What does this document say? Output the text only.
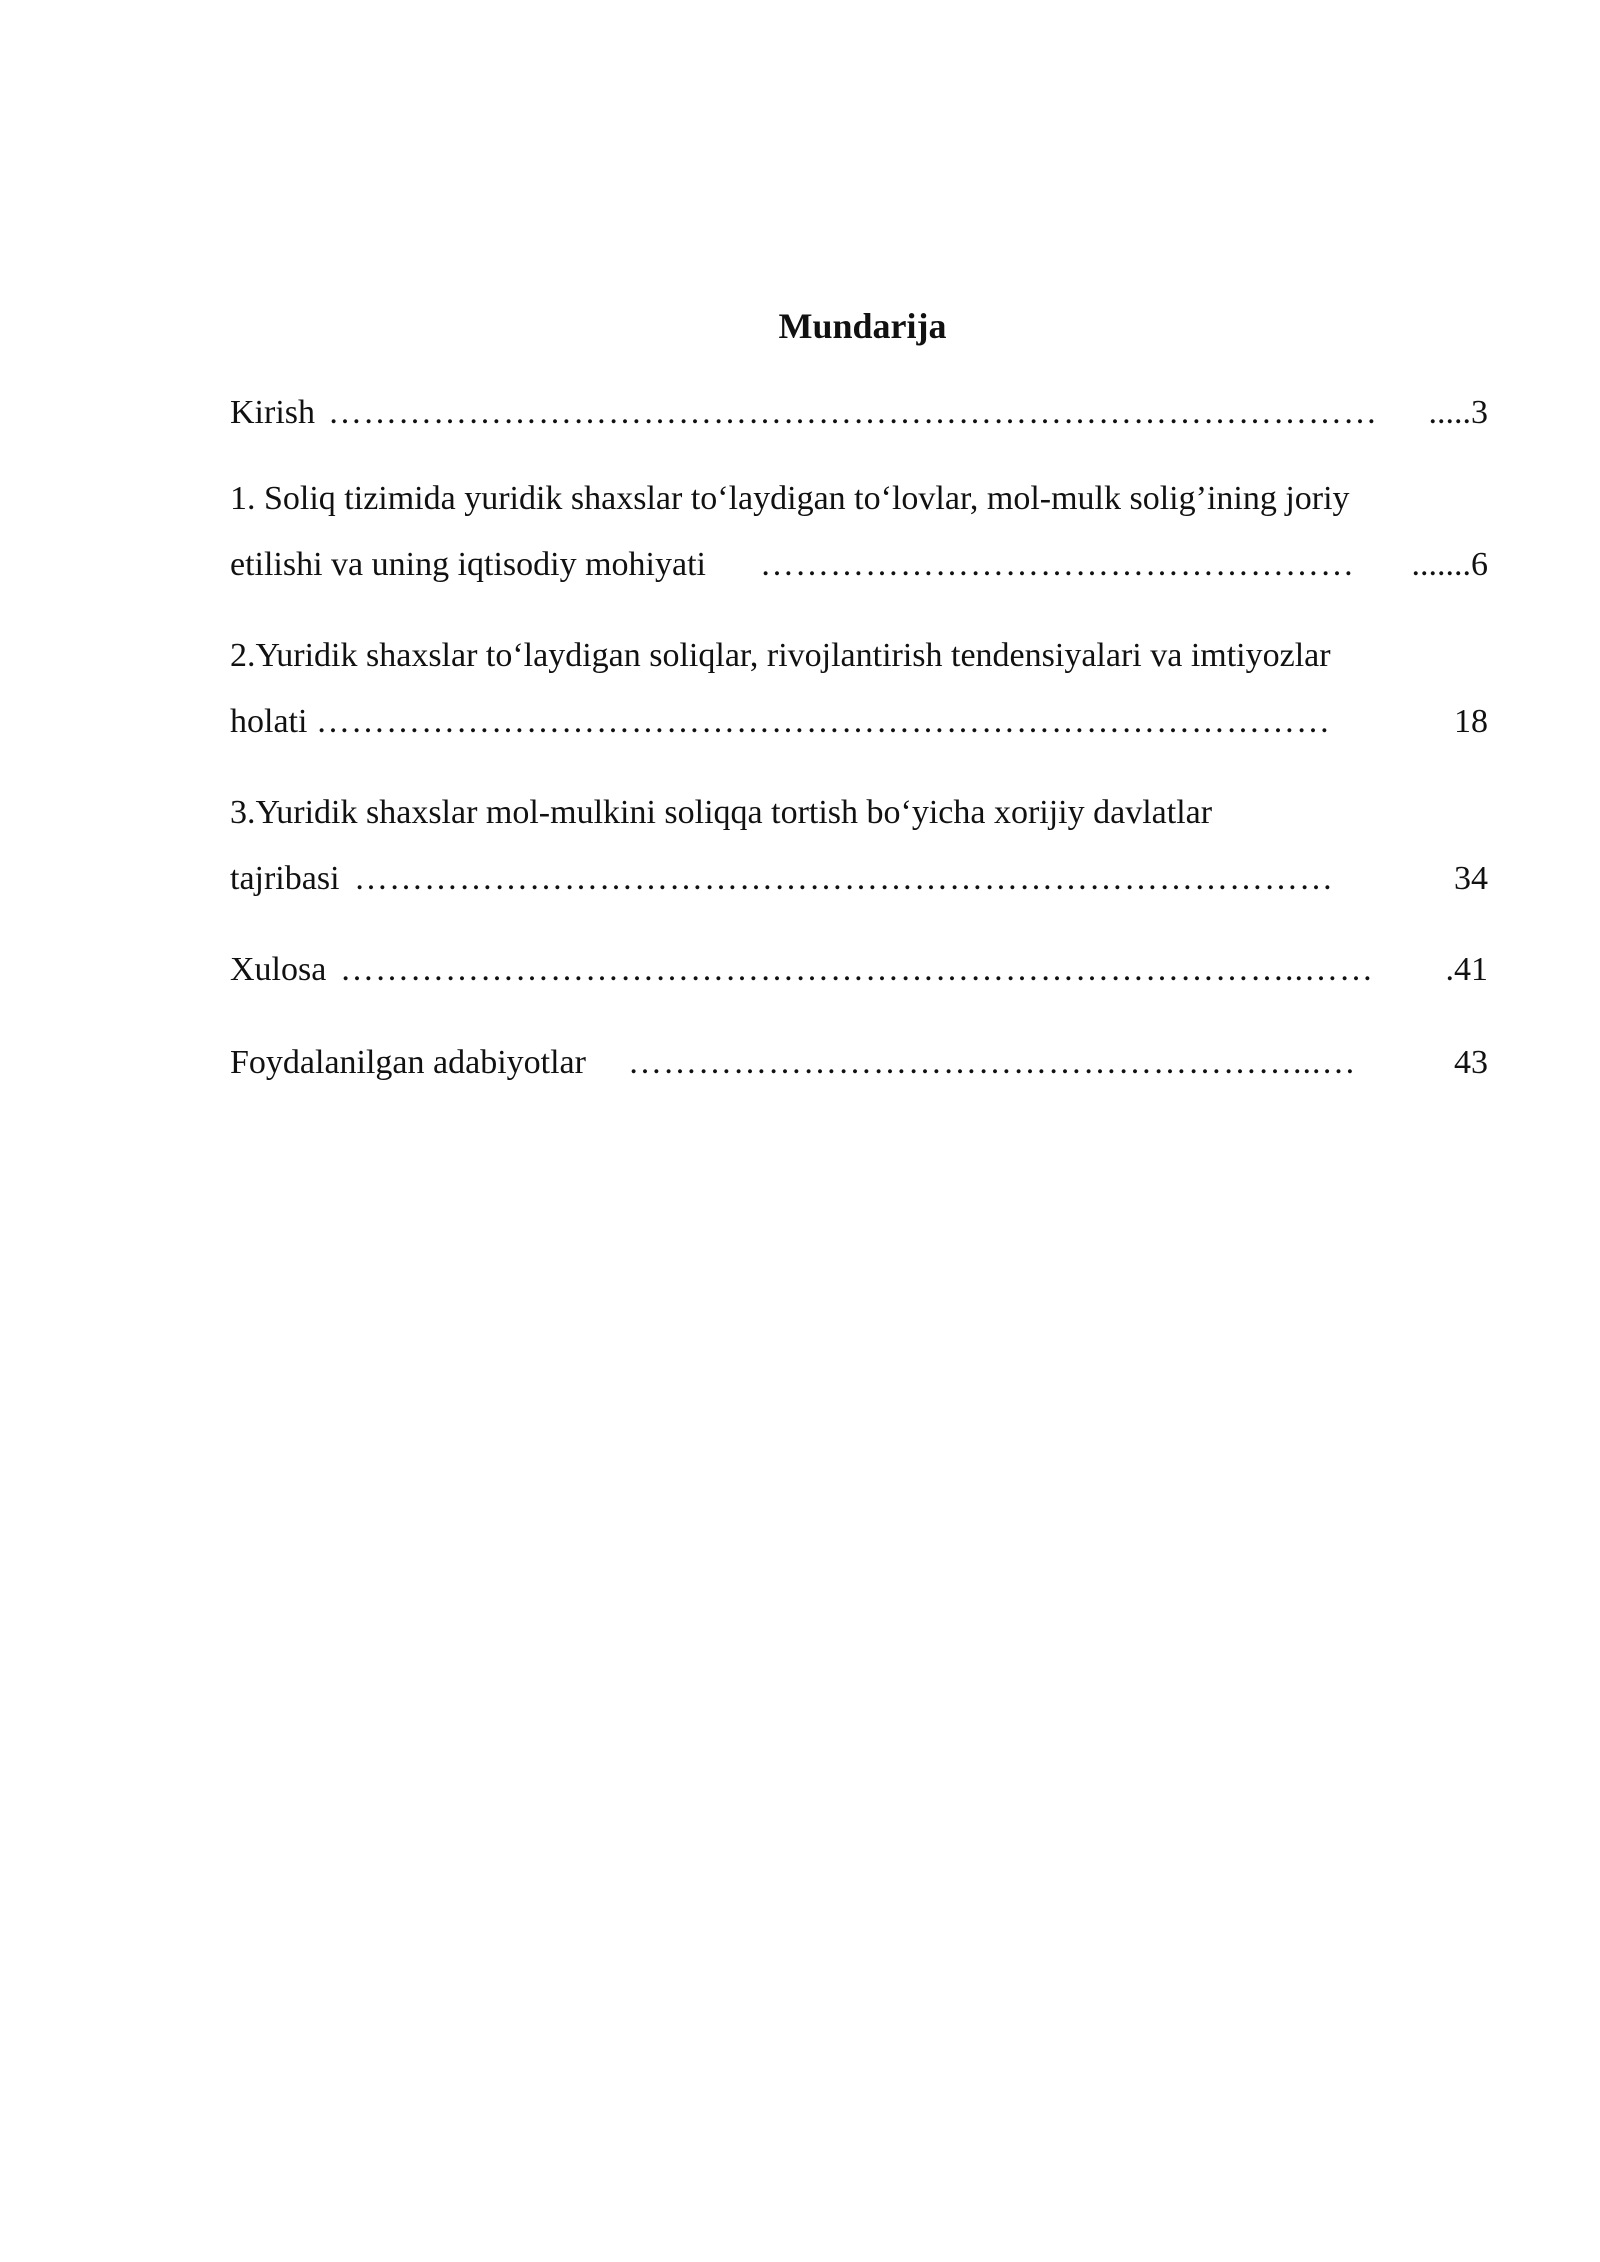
Mundarija
Kirish ………………………………………………………………………………	.....3
1. Soliq tizimida yuridik shaxslar to‘laydigan to‘lovlar, mol-mulk solig’ining joriy
etilishi va uning iqtisodiy mohiyati ……………………………………………	.......6
2.Yuridik shaxslar to‘laydigan soliqlar, rivojlantirish tendensiyalari va imtiyozlar
holati ……………………………………………………………………………	18
3.Yuridik shaxslar mol-mulkini soliqqa tortish bo‘yicha xorijiy davlatlar
tajribasi …………………………………………………………………………	34
Xulosa ………………………………………………………………………..……	.41
Foydalanilgan adabiyotlar …………………………………………………...…	43
